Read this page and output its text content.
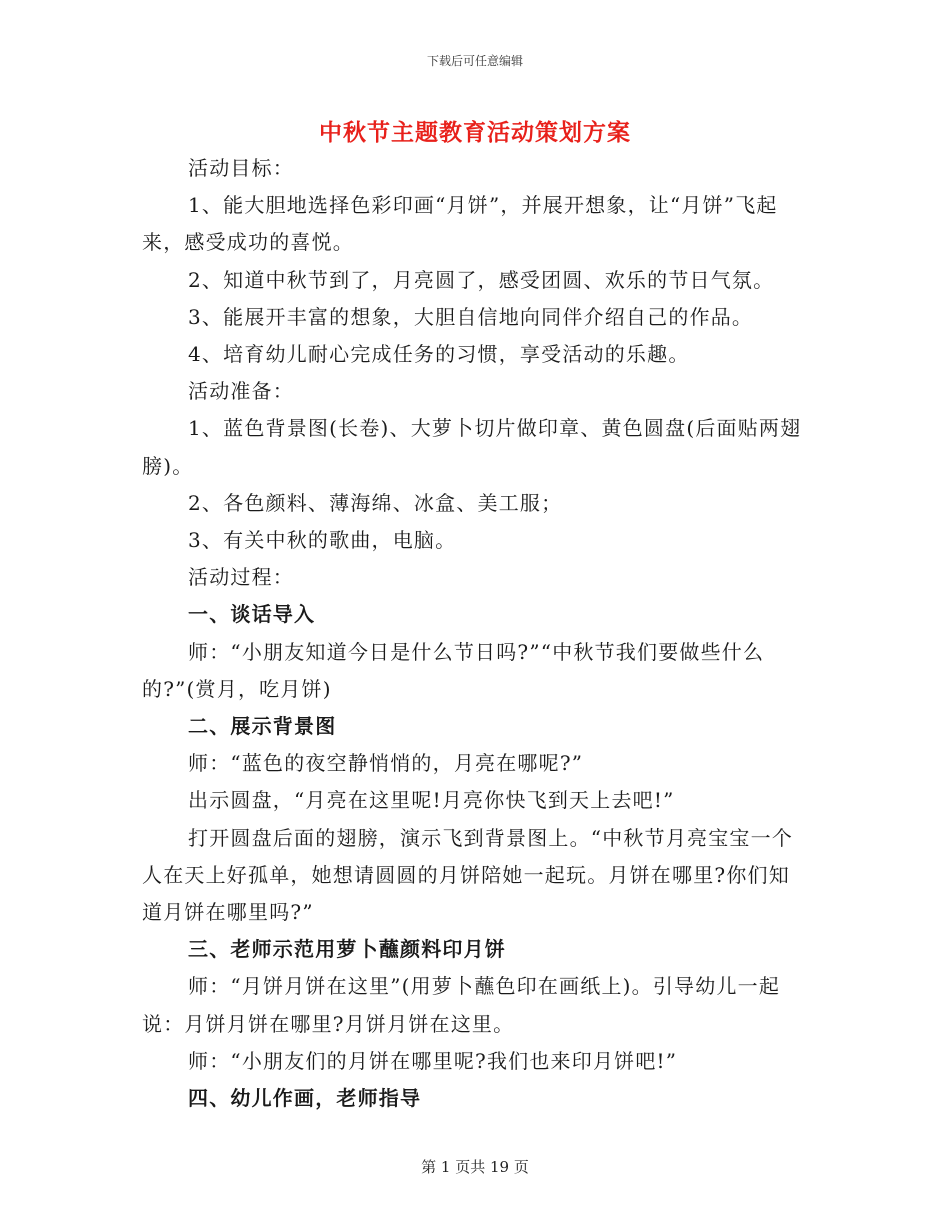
下载后可任意编辑
中秋节主题教育活动策划方案

活动目标：

1、能大胆地选择色彩印画“月饼”，并展开想象，让“月饼”飞起来，感受成功的喜悦。

2、知道中秋节到了，月亮圆了，感受团圆、欢乐的节日气氛。

3、能展开丰富的想象，大胆自信地向同伴介绍自己的作品。

4、培育幼儿耐心完成任务的习惯，享受活动的乐趣。

活动准备：

1、蓝色背景图(长卷)、大萝卜切片做印章、黄色圆盘(后面贴两翅膀)。

2、各色颜料、薄海绵、冰盒、美工服；

3、有关中秋的歌曲，电脑。

活动过程：

一、谈话导入

师：“小朋友知道今日是什么节日吗?”“中秋节我们要做些什么的?”(赏月，吃月饼)

二、展示背景图

师：“蓝色的夜空静悄悄的，月亮在哪呢?”

出示圆盘，“月亮在这里呢!月亮你快飞到天上去吧!”

打开圆盘后面的翅膀，演示飞到背景图上。“中秋节月亮宝宝一个人在天上好孤单，她想请圆圆的月饼陪她一起玩。月饼在哪里?你们知道月饼在哪里吗?”

三、老师示范用萝卜蘸颜料印月饼

师：“月饼月饼在这里”(用萝卜蘸色印在画纸上)。引导幼儿一起说：月饼月饼在哪里?月饼月饼在这里。

师：“小朋友们的月饼在哪里呢?我们也来印月饼吧!”

四、幼儿作画，老师指导

第 1 页共 19 页
